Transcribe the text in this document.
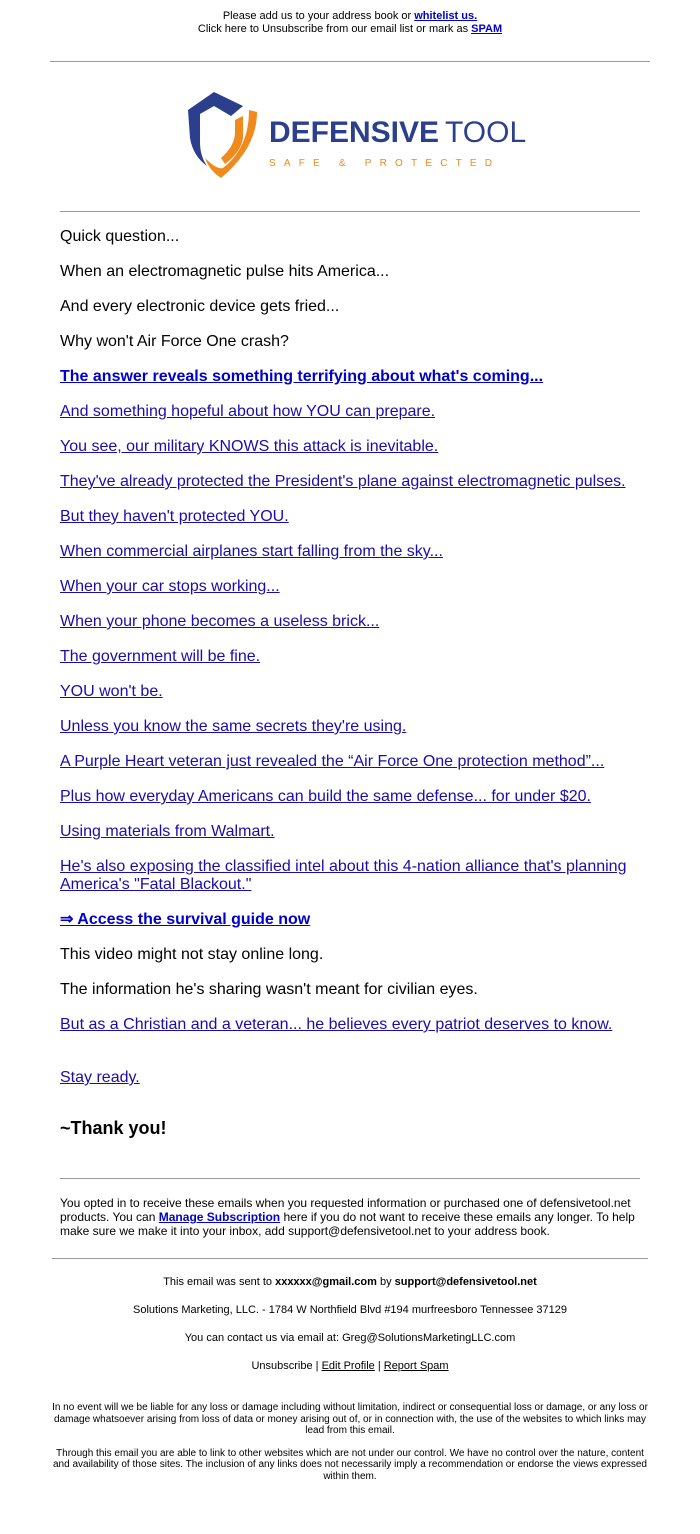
Please add us to your address book or whitelist us.
Click here to Unsubscribe from our email list or mark as SPAM
DEFENSIVE TOOL
SAFE & PROTECTED

Quick question...

When an electromagnetic pulse hits America...

And every electronic device gets fried...

Why won't Air Force One crash?

The answer reveals something terrifying about what's coming...

And something hopeful about how YOU can prepare.

You see, our military KNOWS this attack is inevitable.

They've already protected the President's plane against electromagnetic pulses.

But they haven't protected YOU.

When commercial airplanes start falling from the sky...

When your car stops working...

When your phone becomes a useless brick...

The government will be fine.

YOU won't be.

Unless you know the same secrets they're using.

A Purple Heart veteran just revealed the “Air Force One protection method”...

Plus how everyday Americans can build the same defense... for under $20.

Using materials from Walmart.

He's also exposing the classified intel about this 4-nation alliance that's planning America's "Fatal Blackout."

⇒ Access the survival guide now

This video might not stay online long.

The information he's sharing wasn't meant for civilian eyes.

But as a Christian and a veteran... he believes every patriot deserves to know.

Stay ready.

~Thank you!

You opted in to receive these emails when you requested information or purchased one of defensivetool.net products. You can Manage Subscription here if you do not want to receive these emails any longer. To help make sure we make it into your inbox, add support@defensivetool.net to your address book.

This email was sent to xxxxxx@gmail.com by support@defensivetool.net

Solutions Marketing, LLC. - 1784 W Northfield Blvd #194 murfreesboro Tennessee 37129

You can contact us via email at: Greg@SolutionsMarketingLLC.com

Unsubscribe | Edit Profile | Report Spam

In no event will we be liable for any loss or damage including without limitation, indirect or consequential loss or damage, or any loss or damage whatsoever arising from loss of data or money arising out of, or in connection with, the use of the websites to which links may lead from this email.

Through this email you are able to link to other websites which are not under our control. We have no control over the nature, content and availability of those sites. The inclusion of any links does not necessarily imply a recommendation or endorse the views expressed within them.
